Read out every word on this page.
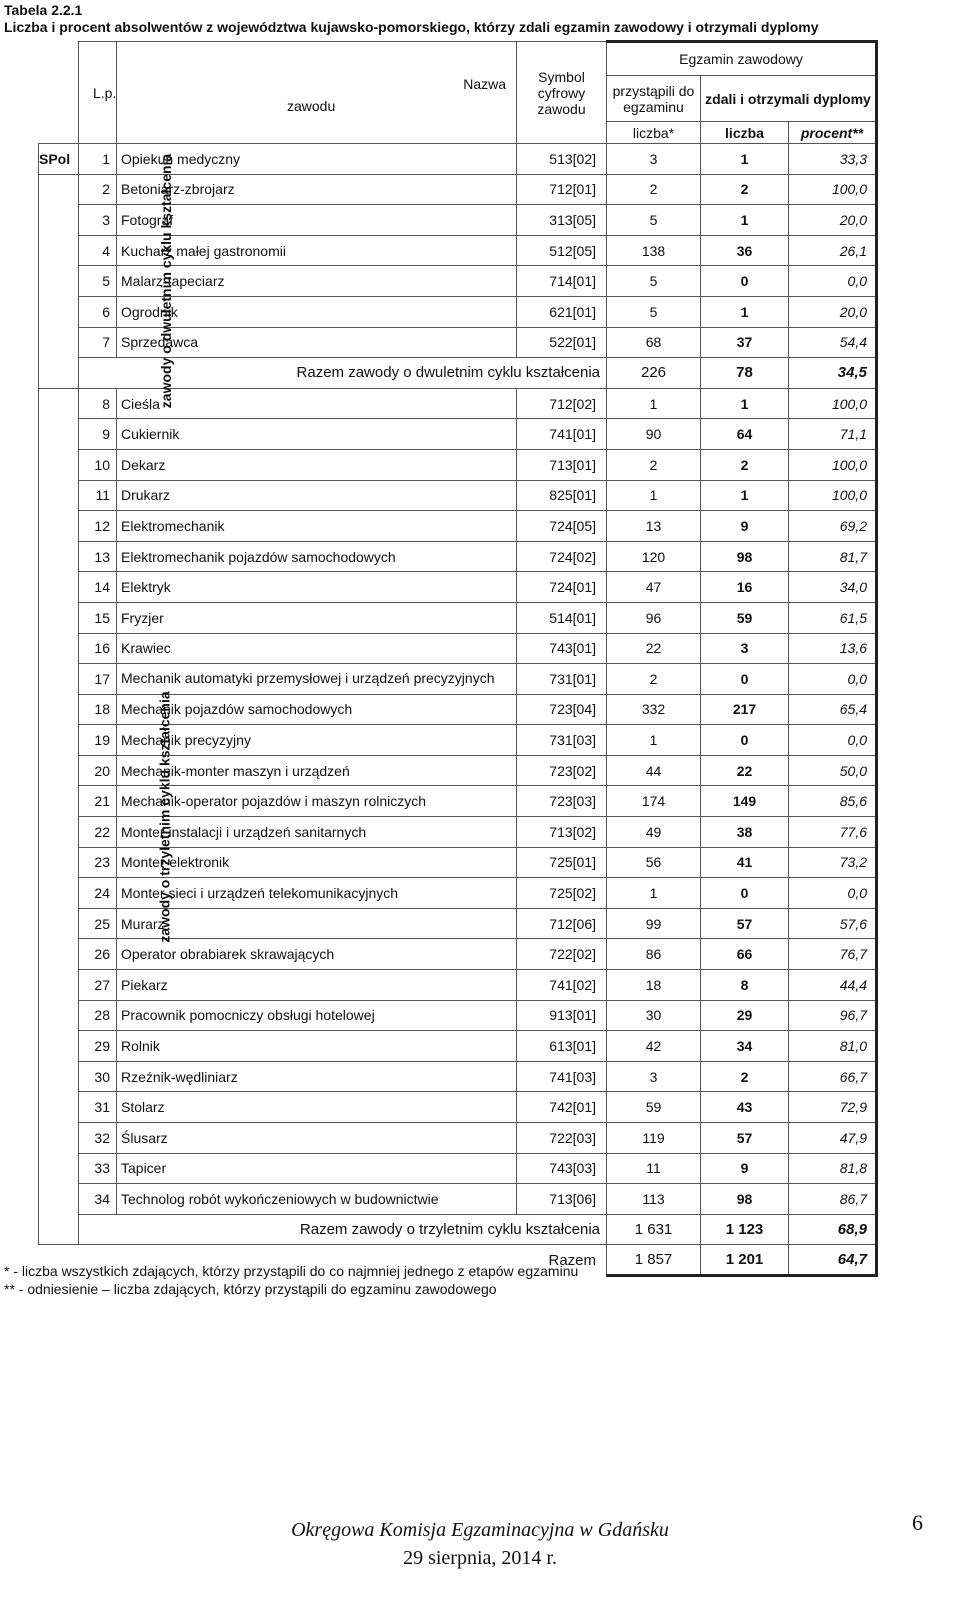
Tabela 2.2.1
Liczba i procent absolwentów z województwa kujawsko-pomorskiego, którzy zdali egzamin zawodowy i otrzymali dyplomy
	L.p.	Nazwa
zawodu	Symbol cyfrowy zawodu	Egzamin zawodowy		
				przystąpili do egzaminu	zdali i otrzymali dyplomy	
				liczba*	liczba	procent**
SPol	1	Opiekun medyczny	513[02]	3	1	33,3
zawody o dwuletnim cyklu kształcenia	2	Betoniarz-zbrojarz	712[01]	2	2	100,0
	3	Fotograf	313[05]	5	1	20,0
	4	Kucharz małej gastronomii	512[05]	138	36	26,1
	5	Malarz-tapeciarz	714[01]	5	0	0,0
	6	Ogrodnik	621[01]	5	1	20,0
	7	Sprzedawca	522[01]	68	37	54,4
		Razem zawody o dwuletnim cyklu kształcenia		226	78	34,5
zawody o trzyletnim cyklu kształcenia	8	Cieśla	712[02]	1	1	100,0
	9	Cukiernik	741[01]	90	64	71,1
	10	Dekarz	713[01]	2	2	100,0
	11	Drukarz	825[01]	1	1	100,0
	12	Elektromechanik	724[05]	13	9	69,2
	13	Elektromechanik pojazdów samochodowych	724[02]	120	98	81,7
	14	Elektryk	724[01]	47	16	34,0
	15	Fryzjer	514[01]	96	59	61,5
	16	Krawiec	743[01]	22	3	13,6
	17	Mechanik automatyki przemysłowej i urządzeń precyzyjnych	731[01]	2	0	0,0
	18	Mechanik pojazdów samochodowych	723[04]	332	217	65,4
	19	Mechanik precyzyjny	731[03]	1	0	0,0
	20	Mechanik-monter maszyn i urządzeń	723[02]	44	22	50,0
	21	Mechanik-operator pojazdów i maszyn rolniczych	723[03]	174	149	85,6
	22	Monter instalacji i urządzeń sanitarnych	713[02]	49	38	77,6
	23	Monter-elektronik	725[01]	56	41	73,2
	24	Monter sieci i urządzeń telekomunikacyjnych	725[02]	1	0	0,0
	25	Murarz	712[06]	99	57	57,6
	26	Operator obrabiarek skrawających	722[02]	86	66	76,7
	27	Piekarz	741[02]	18	8	44,4
	28	Pracownik pomocniczy obsługi hotelowej	913[01]	30	29	96,7
	29	Rolnik	613[01]	42	34	81,0
	30	Rzeźnik-wędliniarz	741[03]	3	2	66,7
	31	Stolarz	742[01]	59	43	72,9
	32	Ślusarz	722[03]	119	57	47,9
	33	Tapicer	743[03]	11	9	81,8
	34	Technolog robót wykończeniowych w budownictwie	713[06]	113	98	86,7
		Razem zawody o trzyletnim cyklu kształcenia		1 631	1 123	68,9
		Razem		1 857	1 201	64,7

* - liczba wszystkich zdających, którzy przystąpili do co najmniej jednego z etapów egzaminu

** - odniesienie – liczba zdających, którzy przystąpili do egzaminu zawodowego

Okręgowa Komisja Egzaminacyjna w Gdańsku
29 sierpnia, 2014 r.
6
